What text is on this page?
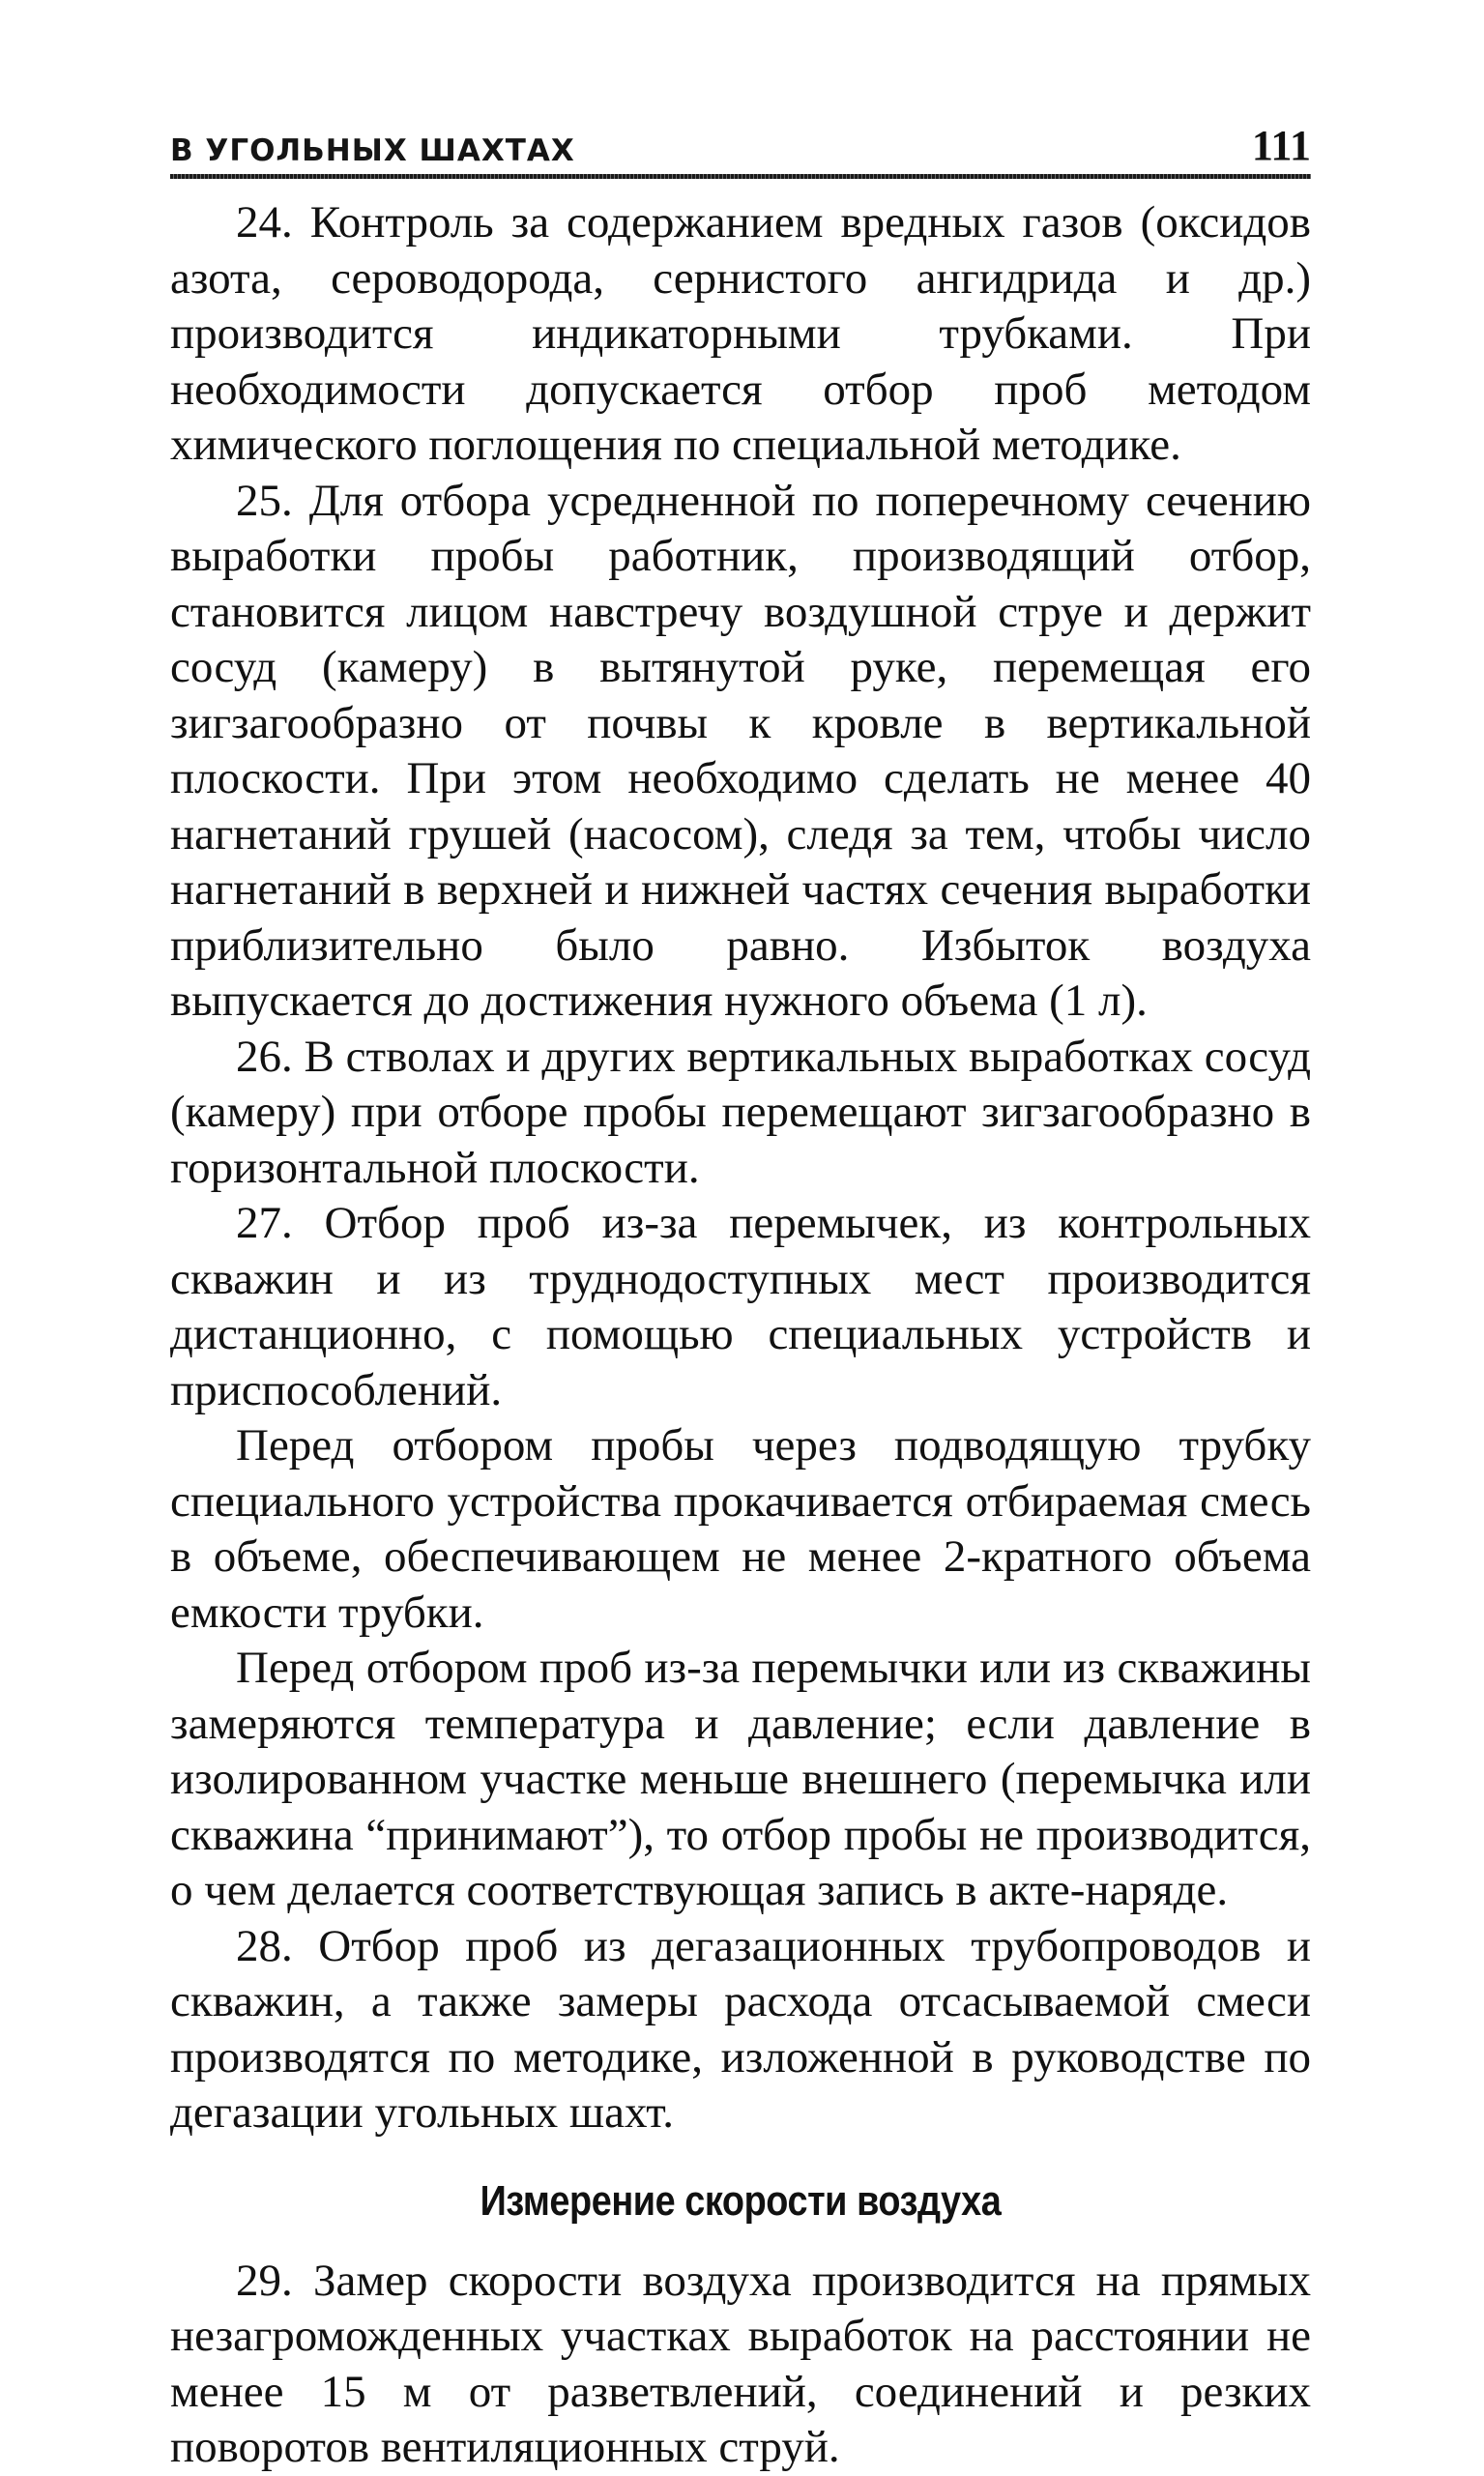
В УГОЛЬНЫХ ШАХТАХ	111

24. Контроль за содержанием вредных газов (оксидов азота, сероводорода, сернистого ангидрида и др.) производится индикаторными трубками. При необходимости допускается отбор проб методом химического поглощения по специальной методике.

25. Для отбора усредненной по поперечному сечению выработки пробы работник, производящий отбор, становится лицом навстречу воздушной струе и держит сосуд (камеру) в вытянутой руке, перемещая его зигзагообразно от почвы к кровле в вертикальной плоскости. При этом необходимо сделать не менее 40 нагнетаний грушей (насосом), следя за тем, чтобы число нагнетаний в верхней и нижней частях сечения выработки приблизительно было равно. Избыток воздуха выпускается до достижения нужного объема (1 л).

26. В стволах и других вертикальных выработках сосуд (камеру) при отборе пробы перемещают зигзагообразно в горизонтальной плоскости.

27. Отбор проб из-за перемычек, из контрольных скважин и из труднодоступных мест производится дистанционно, с помощью специальных устройств и приспособлений.

Перед отбором пробы через подводящую трубку специального устройства прокачивается отбираемая смесь в объеме, обеспечивающем не менее 2-кратного объема емкости трубки.

Перед отбором проб из-за перемычки или из скважины замеряются температура и давление; если давление в изолированном участке меньше внешнего (перемычка или скважина “принимают”), то отбор пробы не производится, о чем делается соответствующая запись в акте-наряде.

28. Отбор проб из дегазационных трубопроводов и скважин, а также замеры расхода отсасываемой смеси производятся по методике, изложенной в руководстве по дегазации угольных шахт.

Измерение скорости воздуха

29. Замер скорости воздуха производится на прямых незагроможденных участках выработок на расстоянии не менее 15 м от разветвлений, соединений и резких поворотов вентиляционных струй.
